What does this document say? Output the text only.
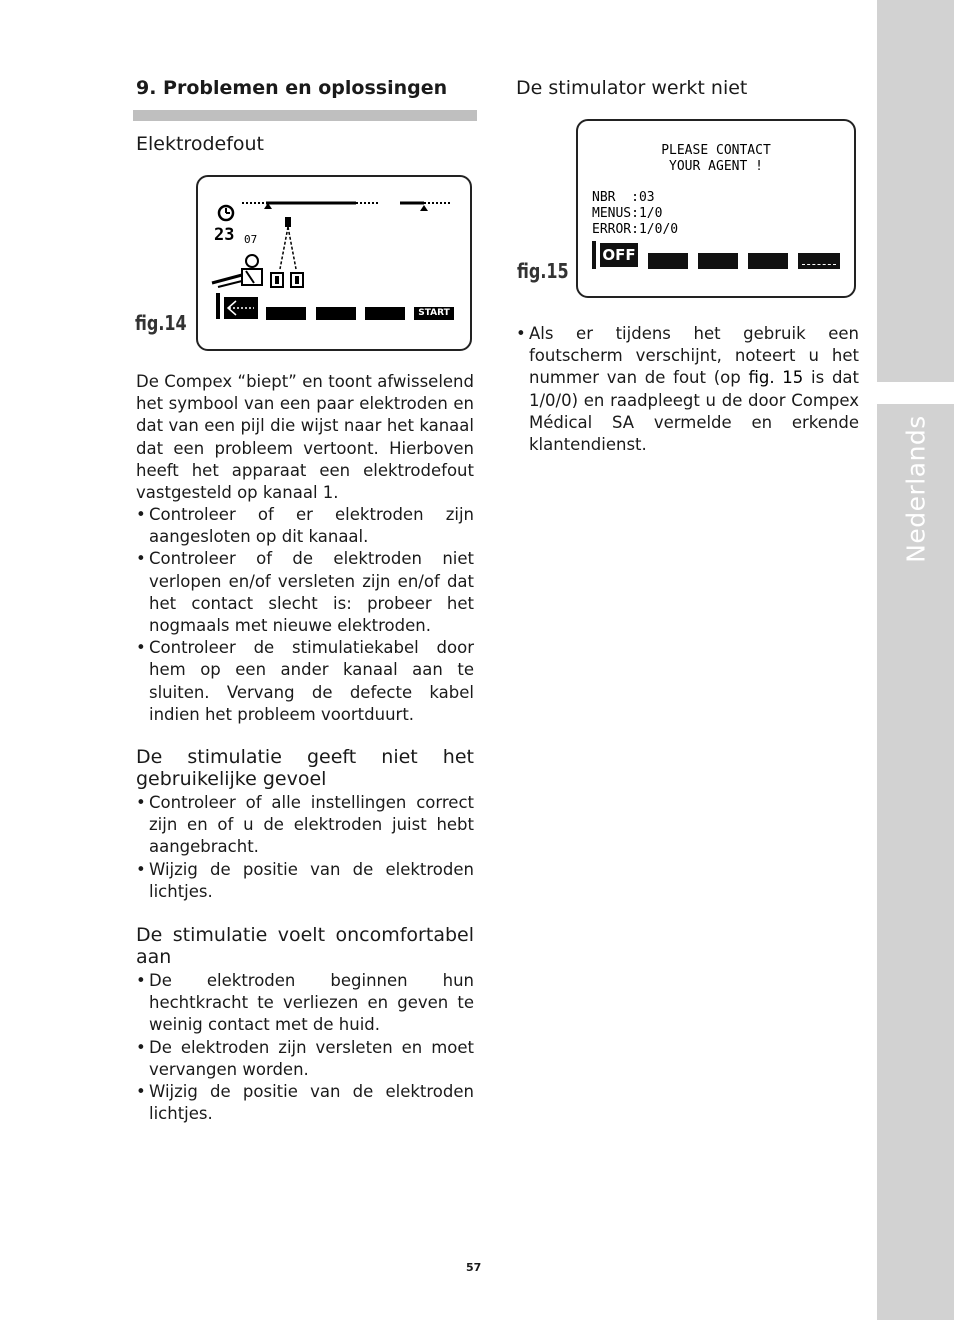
Nederlands
9. Problemen en oplossingen
Elektrodefout
fig.14
23 07
START
De Compex “biept” en toont afwisselend het symbool van een paar elektroden en dat van een pijl die wijst naar het kanaal dat een probleem vertoont. Hierboven heeft het apparaat een elektrodefout vastgesteld op kanaal 1.

• Controleer of er elektroden zijn aangesloten op dit kanaal.

• Controleer of de elektroden niet verlopen en/of versleten zijn en/of dat het contact slecht is: probeer het nogmaals met nieuwe elektroden.

• Controleer de stimulatiekabel door hem op een ander kanaal aan te sluiten. Vervang de defecte kabel indien het probleem voortduurt.

De stimulatie geeft niet het gebruikelijke gevoel

• Controleer of alle instellingen correct zijn en of u de elektroden juist hebt aangebracht.

• Wijzig de positie van de elektroden lichtjes.

De stimulatie voelt oncomfortabel aan

• De elektroden beginnen hun hechtkracht te verliezen en geven te weinig contact met de huid.

• De elektroden zijn versleten en moet vervangen worden.

• Wijzig de positie van de elektroden lichtjes.

De stimulator werkt niet
fig.15
PLEASE CONTACT
YOUR AGENT !
NBR  :03
MENUS:1/0
ERROR:1/0/0
OFF

• Als er tijdens het gebruik een foutscherm verschijnt, noteert u het nummer van de fout (op fig. 15 is dat 1/0/0) en raadpleegt u de door Compex Médical SA vermelde en erkende klantendienst.

57
